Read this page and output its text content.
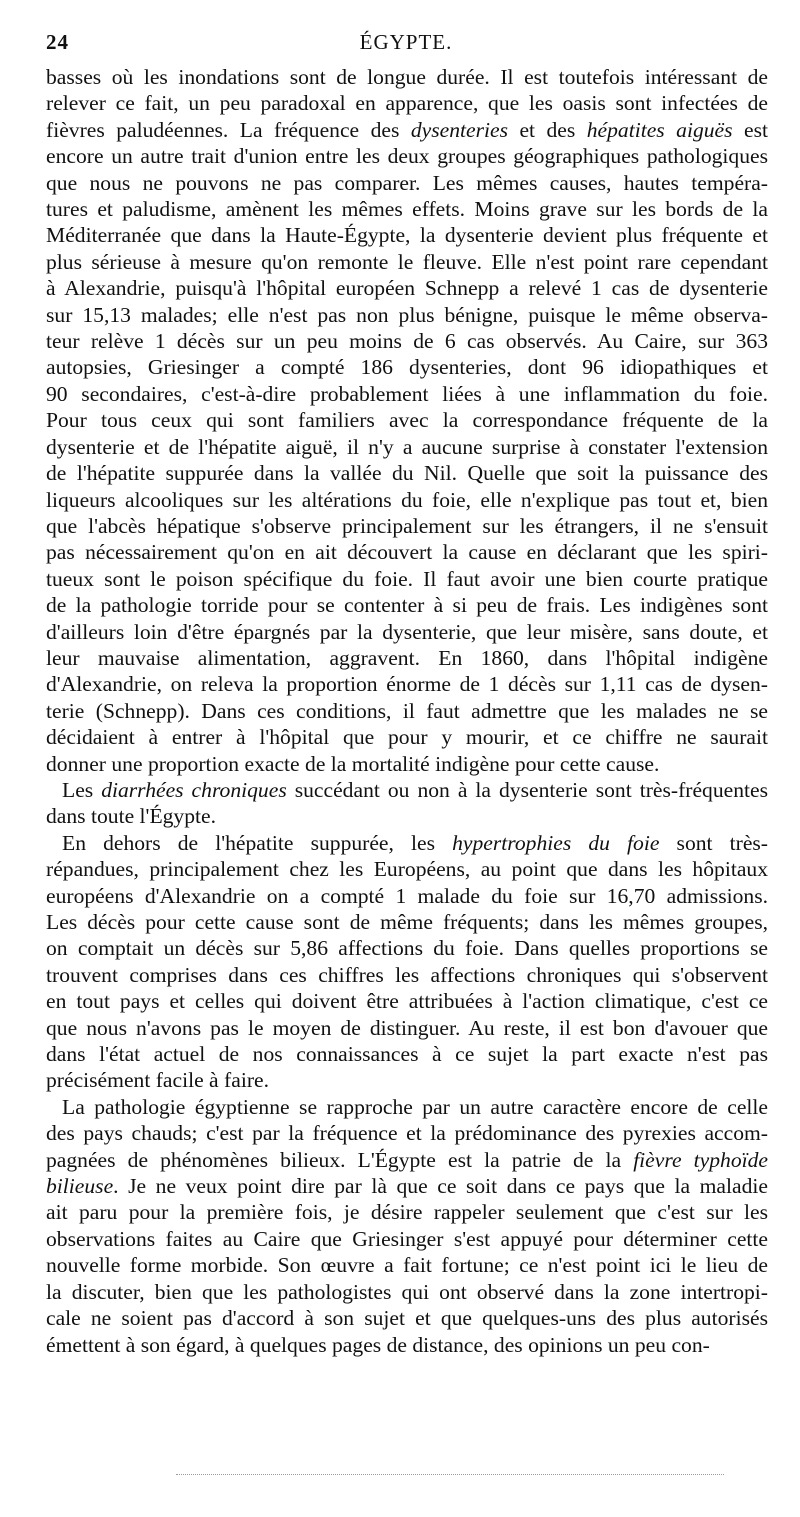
24	ÉGYPTE.

basses où les inondations sont de longue durée. Il est toutefois intéressant de

relever ce fait, un peu paradoxal en apparence, que les oasis sont infectées de

fièvres paludéennes. La fréquence des dysenteries et des hépatites aiguës est

encore un autre trait d'union entre les deux groupes géographiques pathologiques

que nous ne pouvons ne pas comparer. Les mêmes causes, hautes tempéra-

tures et paludisme, amènent les mêmes effets. Moins grave sur les bords de la

Méditerranée que dans la Haute-Égypte, la dysenterie devient plus fréquente et

plus sérieuse à mesure qu'on remonte le fleuve. Elle n'est point rare cependant

à Alexandrie, puisqu'à l'hôpital européen Schnepp a relevé 1 cas de dysenterie

sur 15,13 malades; elle n'est pas non plus bénigne, puisque le même observa-

teur relève 1 décès sur un peu moins de 6 cas observés. Au Caire, sur 363

autopsies, Griesinger a compté 186 dysenteries, dont 96 idiopathiques et

90 secondaires, c'est-à-dire probablement liées à une inflammation du foie.

Pour tous ceux qui sont familiers avec la correspondance fréquente de la

dysenterie et de l'hépatite aiguë, il n'y a aucune surprise à constater l'extension

de l'hépatite suppurée dans la vallée du Nil. Quelle que soit la puissance des

liqueurs alcooliques sur les altérations du foie, elle n'explique pas tout et, bien

que l'abcès hépatique s'observe principalement sur les étrangers, il ne s'ensuit

pas nécessairement qu'on en ait découvert la cause en déclarant que les spiri-

tueux sont le poison spécifique du foie. Il faut avoir une bien courte pratique

de la pathologie torride pour se contenter à si peu de frais. Les indigènes sont

d'ailleurs loin d'être épargnés par la dysenterie, que leur misère, sans doute, et

leur mauvaise alimentation, aggravent. En 1860, dans l'hôpital indigène

d'Alexandrie, on releva la proportion énorme de 1 décès sur 1,11 cas de dysen-

terie (Schnepp). Dans ces conditions, il faut admettre que les malades ne se

décidaient à entrer à l'hôpital que pour y mourir, et ce chiffre ne saurait

donner une proportion exacte de la mortalité indigène pour cette cause.

Les diarrhées chroniques succédant ou non à la dysenterie sont très-fréquentes

dans toute l'Égypte.

En dehors de l'hépatite suppurée, les hypertrophies du foie sont très-

répandues, principalement chez les Européens, au point que dans les hôpitaux

européens d'Alexandrie on a compté 1 malade du foie sur 16,70 admissions.

Les décès pour cette cause sont de même fréquents; dans les mêmes groupes,

on comptait un décès sur 5,86 affections du foie. Dans quelles proportions se

trouvent comprises dans ces chiffres les affections chroniques qui s'observent

en tout pays et celles qui doivent être attribuées à l'action climatique, c'est ce

que nous n'avons pas le moyen de distinguer. Au reste, il est bon d'avouer que

dans l'état actuel de nos connaissances à ce sujet la part exacte n'est pas

précisément facile à faire.

La pathologie égyptienne se rapproche par un autre caractère encore de celle

des pays chauds; c'est par la fréquence et la prédominance des pyrexies accom-

pagnées de phénomènes bilieux. L'Égypte est la patrie de la fièvre typhoïde

bilieuse. Je ne veux point dire par là que ce soit dans ce pays que la maladie

ait paru pour la première fois, je désire rappeler seulement que c'est sur les

observations faites au Caire que Griesinger s'est appuyé pour déterminer cette

nouvelle forme morbide. Son œuvre a fait fortune; ce n'est point ici le lieu de

la discuter, bien que les pathologistes qui ont observé dans la zone intertropi-

cale ne soient pas d'accord à son sujet et que quelques-uns des plus autorisés

émettent à son égard, à quelques pages de distance, des opinions un peu con-
